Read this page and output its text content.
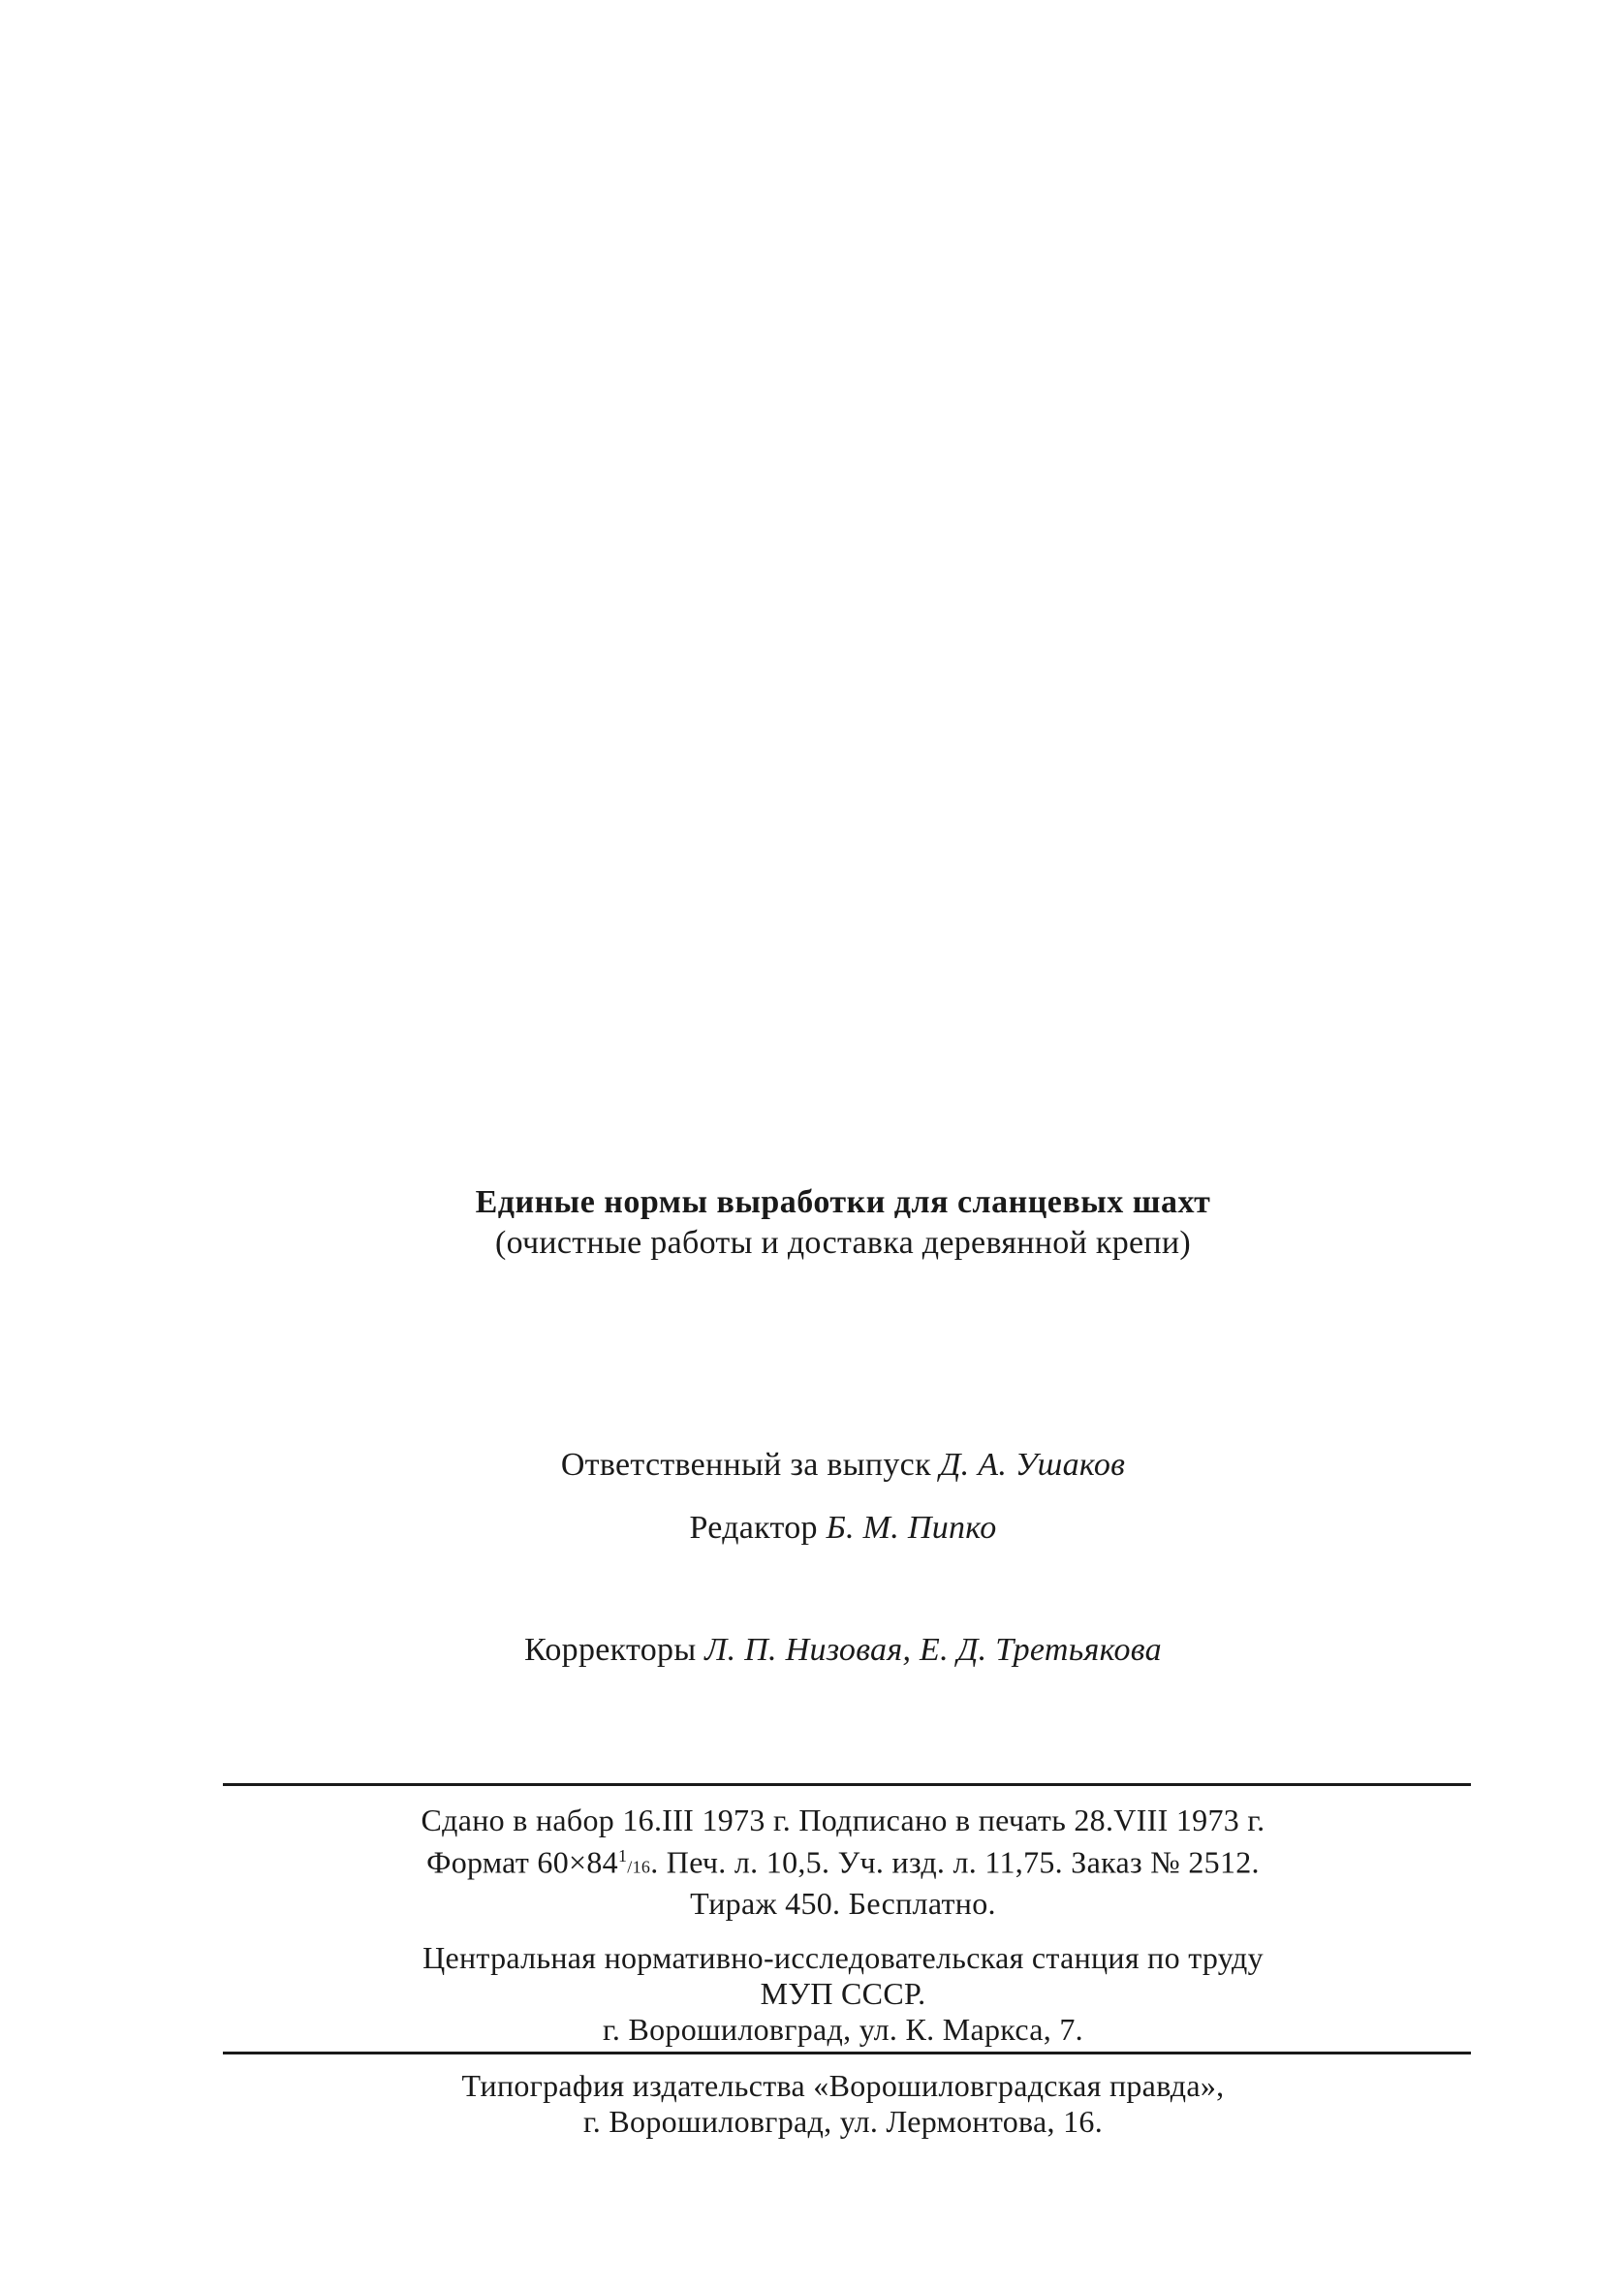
Единые нормы выработки для сланцевых шахт
(очистные работы и доставка деревянной крепи)
Ответственный за выпуск Д. А. Ушаков
Редактор Б. М. Пипко
Корректоры Л. П. Низовая, Е. Д. Третьякова
Сдано в набор 16.III 1973 г. Подписано в печать 28.VIII 1973 г.
Формат $60\times 84^1/16$. Печ. л. 10,5. Уч. изд. л. 11,75. Заказ № 2512.
Тираж 450. Бесплатно.
Центральная нормативно-исследовательская станция по труду
МУП СССР.
г. Ворошиловград, ул. К. Маркса, 7.
Типография издательства «Ворошиловградская правда»,
г. Ворошиловград, ул. Лермонтова, 16.
